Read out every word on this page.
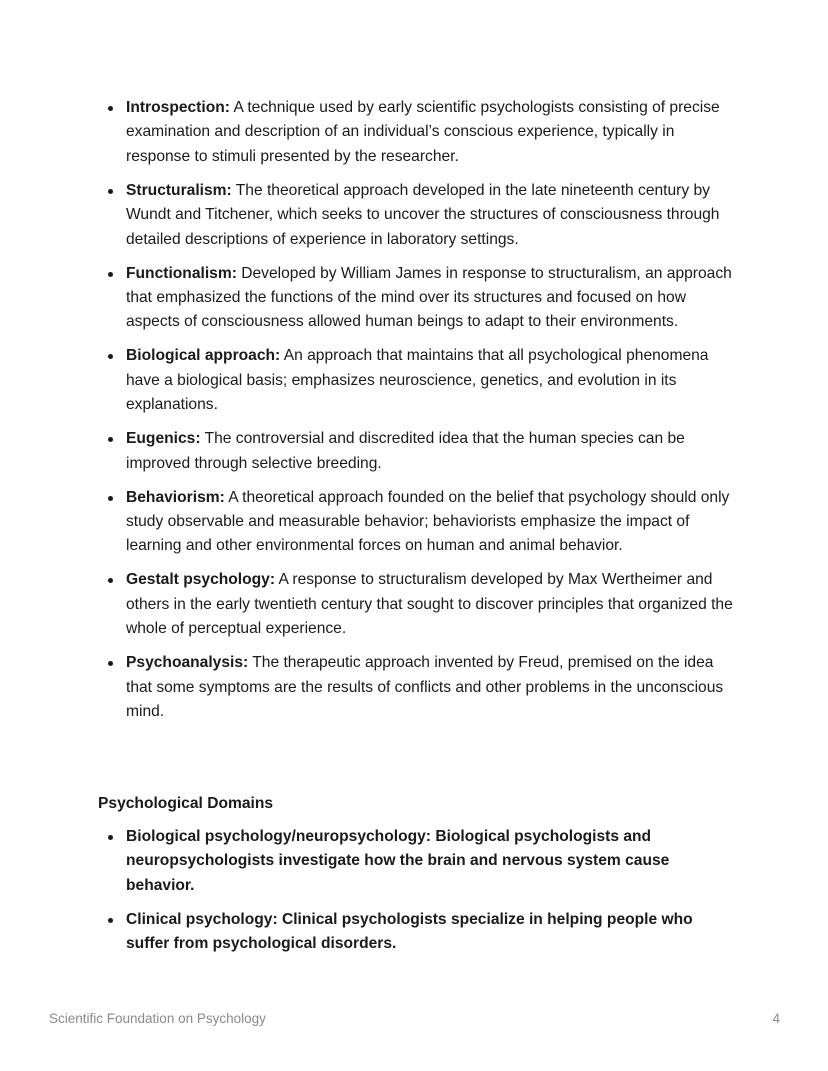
Introspection: A technique used by early scientific psychologists consisting of precise examination and description of an individual’s conscious experience, typically in response to stimuli presented by the researcher.
Structuralism: The theoretical approach developed in the late nineteenth century by Wundt and Titchener, which seeks to uncover the structures of consciousness through detailed descriptions of experience in laboratory settings.
Functionalism: Developed by William James in response to structuralism, an approach that emphasized the functions of the mind over its structures and focused on how aspects of consciousness allowed human beings to adapt to their environments.
Biological approach: An approach that maintains that all psychological phenomena have a biological basis; emphasizes neuroscience, genetics, and evolution in its explanations.
Eugenics: The controversial and discredited idea that the human species can be improved through selective breeding.
Behaviorism: A theoretical approach founded on the belief that psychology should only study observable and measurable behavior; behaviorists emphasize the impact of learning and other environmental forces on human and animal behavior.
Gestalt psychology: A response to structuralism developed by Max Wertheimer and others in the early twentieth century that sought to discover principles that organized the whole of perceptual experience.
Psychoanalysis: The therapeutic approach invented by Freud, premised on the idea that some symptoms are the results of conflicts and other problems in the unconscious mind.
Psychological Domains
Biological psychology/neuropsychology: Biological psychologists and neuropsychologists investigate how the brain and nervous system cause behavior.
Clinical psychology: Clinical psychologists specialize in helping people who suffer from psychological disorders.
Scientific Foundation on Psychology	4
